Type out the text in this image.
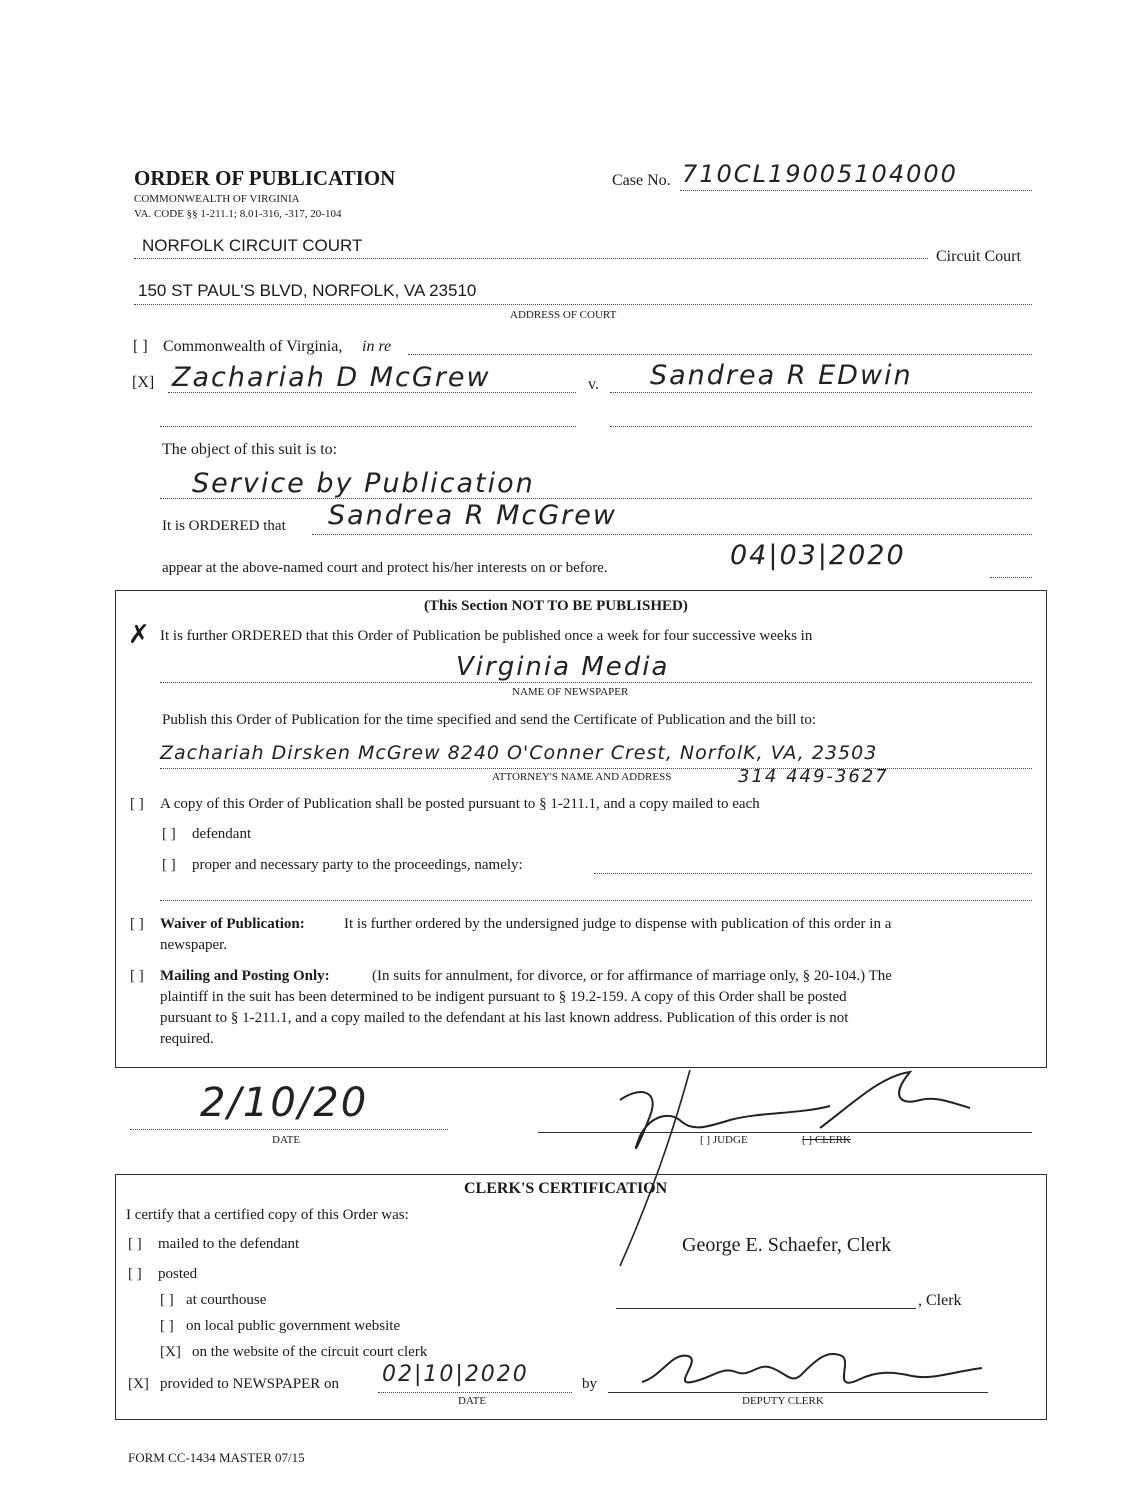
ORDER OF PUBLICATION
COMMONWEALTH OF VIRGINIA
VA. CODE §§ 1-211.1; 8.01-316, -317, 20-104
Case No. 710CL19005104000
NORFOLK CIRCUIT COURT
Circuit Court
150 ST PAUL'S BLVD, NORFOLK, VA 23510
ADDRESS OF COURT
[ ] Commonwealth of Virginia, in re
[X] Zachariah D McGrew	v. Sandrea R EDwin
The object of this suit is to:
Service by Publication
It is ORDERED that Sandrea R McGrew
appear at the above-named court and protect his/her interests on or before.	04|03|2020
(This Section NOT TO BE PUBLISHED)
✗ It is further ORDERED that this Order of Publication be published once a week for four successive weeks in
Virginia Media
NAME OF NEWSPAPER
Publish this Order of Publication for the time specified and send the Certificate of Publication and the bill to:
Zachariah Dirsken McGrew 8240 O'Conner Crest, NorfolK, VA, 23503
ATTORNEY'S NAME AND ADDRESS	314 449-3627
[ ] A copy of this Order of Publication shall be posted pursuant to § 1-211.1, and a copy mailed to each
[ ] defendant
[ ] proper and necessary party to the proceedings, namely:
[ ] Waiver of Publication:	It is further ordered by the undersigned judge to dispense with publication of this order in a
newspaper.
[ ] Mailing and Posting Only:	(In suits for annulment, for divorce, or for affirmance of marriage only, § 20-104.) The
plaintiff in the suit has been determined to be indigent pursuant to § 19.2-159. A copy of this Order shall be posted
pursuant to § 1-211.1, and a copy mailed to the defendant at his last known address. Publication of this order is not
required.
2/10/20
DATE	[ ] JUDGE	[ ] CLERK
CLERK'S CERTIFICATION
I certify that a certified copy of this Order was:
[ ] mailed to the defendant	George E. Schaefer, Clerk
[ ] posted
[ ] at courthouse	, Clerk
[ ] on local public government website
[X] on the website of the circuit court clerk
[X] provided to NEWSPAPER on 02|10|2020
DATE
by
DEPUTY CLERK
FORM CC-1434 MASTER 07/15
